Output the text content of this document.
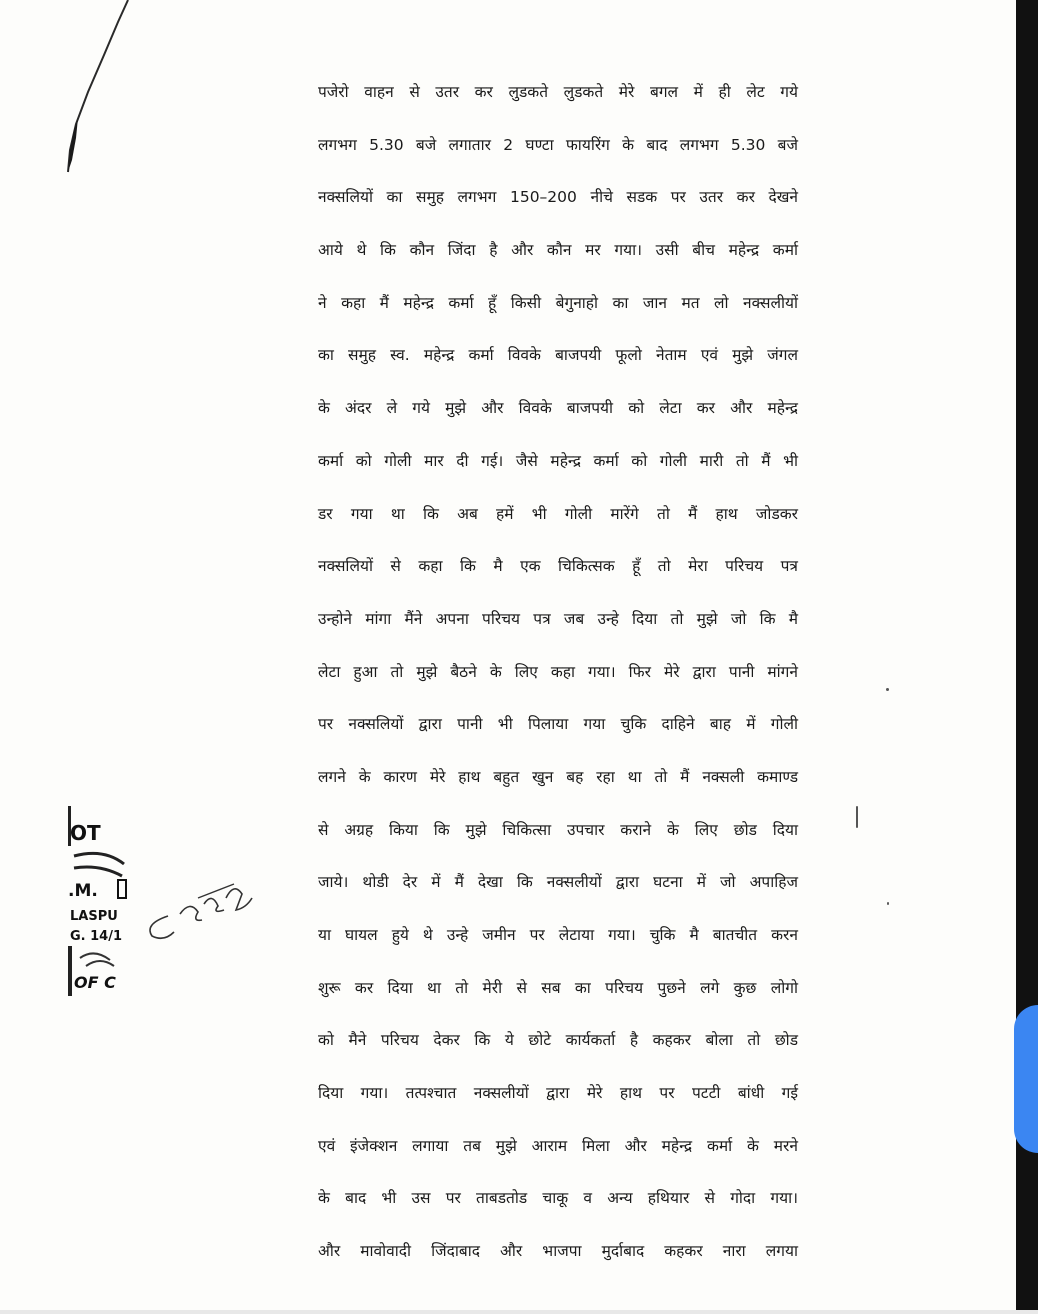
पजेरो वाहन से उतर कर लुडकते लुडकते मेरे बगल में ही लेट गये
लगभग 5.30 बजे लगातार 2 घण्टा फायरिंग के बाद लगभग 5.30 बजे
नक्सलियों का समुह लगभग 150–200 नीचे सडक पर उतर कर देखने
आये थे कि कौन जिंदा है और कौन मर गया। उसी बीच महेन्द्र कर्मा
ने कहा मैं महेन्द्र कर्मा हूँ किसी बेगुनाहो का जान मत लो नक्सलीयों
का समुह स्व. महेन्द्र कर्मा विवके बाजपयी फूलो नेताम एवं मुझे जंगल
के अंदर ले गये मुझे और विवके बाजपयी को लेटा कर और महेन्द्र
कर्मा को गोली मार दी गई। जैसे महेन्द्र कर्मा को गोली मारी तो मैं भी
डर गया था कि अब हमें भी गोली मारेंगे तो मैं हाथ जोडकर
नक्सलियों से कहा कि मै एक चिकित्सक हूँ तो मेरा परिचय पत्र
उन्होने मांगा मैंने अपना परिचय पत्र जब उन्हे दिया तो मुझे जो कि मै
लेटा हुआ तो मुझे बैठने के लिए कहा गया। फिर मेरे द्वारा पानी मांगने
पर नक्सलियों द्वारा पानी भी पिलाया गया चुकि दाहिने बाह में गोली
लगने के कारण मेरे हाथ बहुत खुन बह रहा था तो मैं नक्सली कमाण्ड
से अग्रह किया कि मुझे चिकित्सा उपचार कराने के लिए छोड दिया
जाये। थोडी देर में मैं देखा कि नक्सलीयों द्वारा घटना में जो अपाहिज
या घायल हुये थे उन्हे जमीन पर लेटाया गया। चुकि मै बातचीत करन
शुरू कर दिया था तो मेरी से सब का परिचय पुछने लगे कुछ लोगो
को मैने परिचय देकर कि ये छोटे कार्यकर्ता है कहकर बोला तो छोड
दिया गया। तत्पश्चात नक्सलीयों द्वारा मेरे हाथ पर पटटी बांधी गई
एवं इंजेक्शन लगाया तब मुझे आराम मिला और महेन्द्र कर्मा के मरने
के बाद भी उस पर ताबडतोड चाकू व अन्य हथियार से गोदा गया।
और मावोवादी जिंदाबाद और भाजपा मुर्दाबाद कहकर नारा लगया
OT
.M.
LASPU
G. 14/1
OF C
